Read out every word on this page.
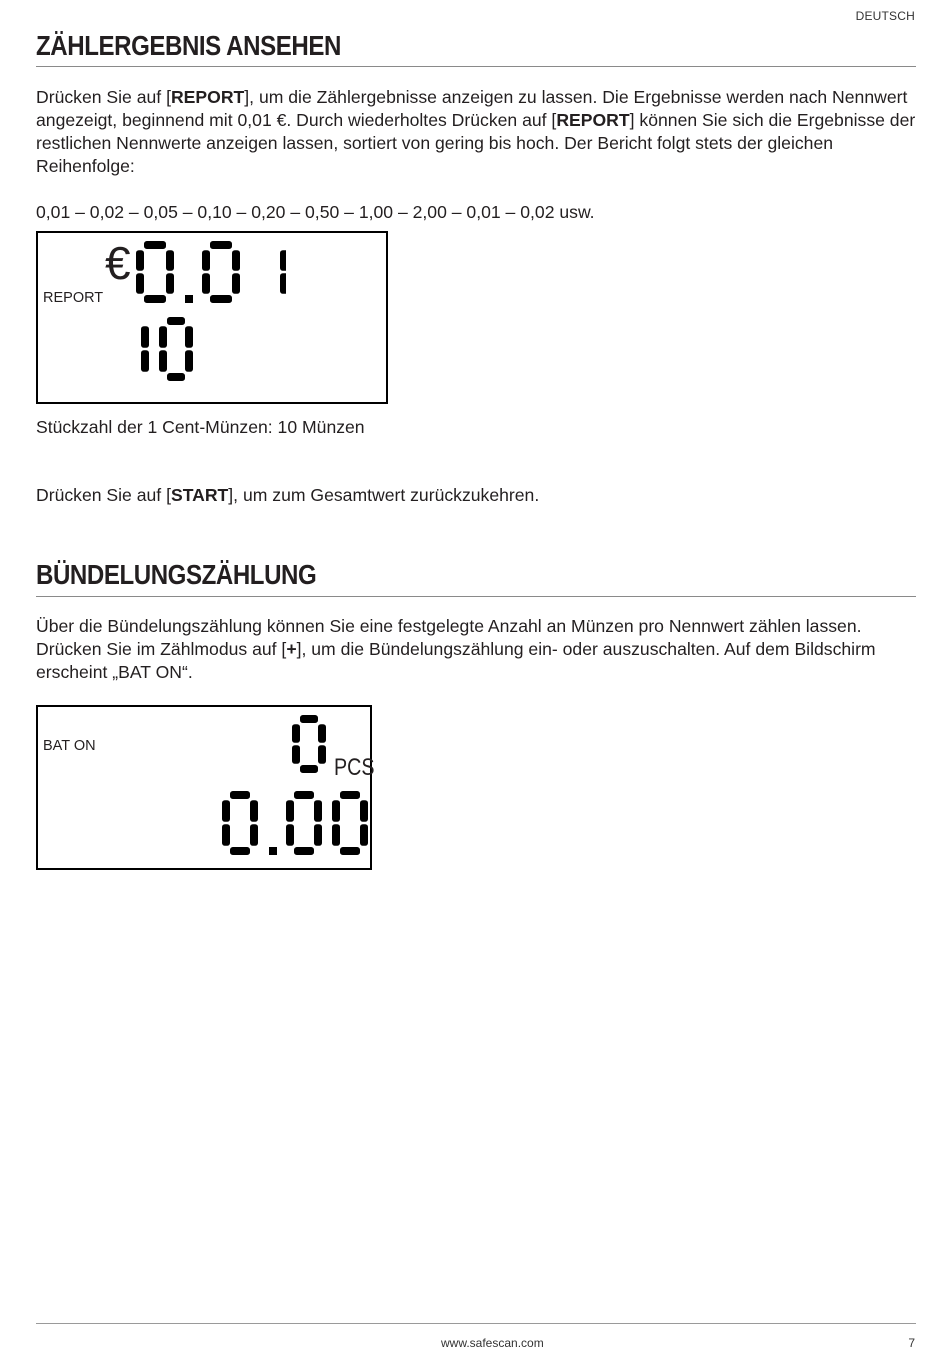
DEUTSCH
ZÄHLERGEBNIS ANSEHEN
Drücken Sie auf [REPORT], um die Zählergebnisse anzeigen zu lassen. Die Ergebnisse werden nach Nennwert angezeigt, beginnend mit 0,01 €. Durch wiederholtes Drücken auf [REPORT] können Sie sich die Ergebnisse der restlichen Nennwerte anzeigen lassen, sortiert von gering bis hoch. Der Bericht folgt stets der gleichen Reihenfolge:
0,01 – 0,02 – 0,05 – 0,10 – 0,20 – 0,50 – 1,00 – 2,00 – 0,01 – 0,02 usw.
€
REPORT
Stückzahl der 1 Cent-Münzen: 10 Münzen
Drücken Sie auf [START], um zum Gesamtwert zurückzukehren.
BÜNDELUNGSZÄHLUNG
Über die Bündelungszählung können Sie eine festgelegte Anzahl an Münzen pro Nennwert zählen lassen. Drücken Sie im Zählmodus auf [+], um die Bündelungszählung ein- oder auszuschalten. Auf dem Bildschirm erscheint „BAT ON“.
BAT ON
PCS
www.safescan.com	7
